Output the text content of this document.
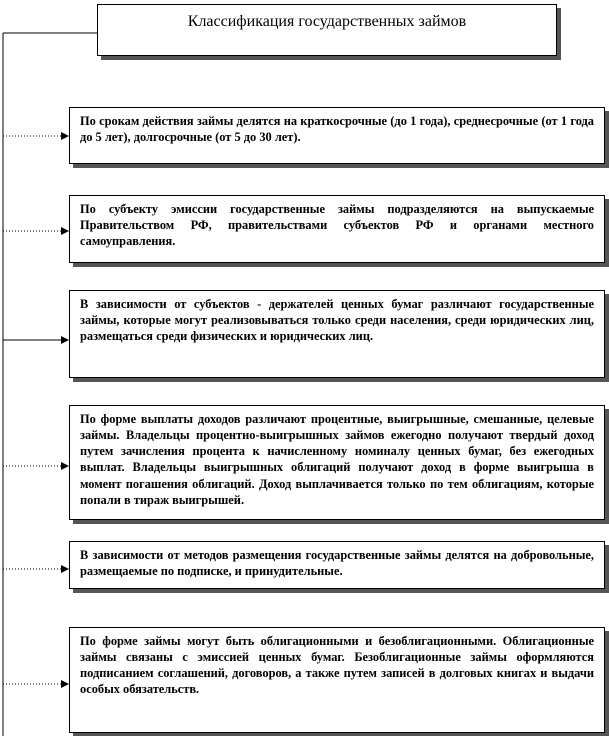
Классификация государственных займов

По срокам действия займы делятся на краткосрочные (до 1 года), среднесрочные (от 1 года до 5 лет), долгосрочные (от 5 до 30 лет).

По субъекту эмиссии государственные займы подразделяются на выпускаемые Правительством РФ, правительствами субъектов РФ и органами местного самоуправления.

В зависимости от субъектов - держателей ценных бумаг различают государственные займы, которые могут реализовываться только среди населения, среди юридических лиц, размещаться среди физических и юридических лиц.

По форме выплаты доходов различают процентные, выигрышные, смешанные, целевые займы. Владельцы процентно-выигрышных займов ежегодно получают твердый доход путем зачисления процента к начисленному номиналу ценных бумаг, без ежегодных выплат. Владельцы выигрышных облигаций получают доход в форме выигрыша в момент погашения облигаций. Доход выплачивается только по тем облигациям, которые попали в тираж выигрышей.

В зависимости от методов размещения государственные займы делятся на добровольные, размещаемые по подписке, и принудительные.

По форме займы могут быть облигационными и безоблигационными. Облигационные займы связаны с эмиссией ценных бумаг. Безоблигационные займы оформляются подписанием соглашений, договоров, а также путем записей в долговых книгах и выдачи особых обязательств.
